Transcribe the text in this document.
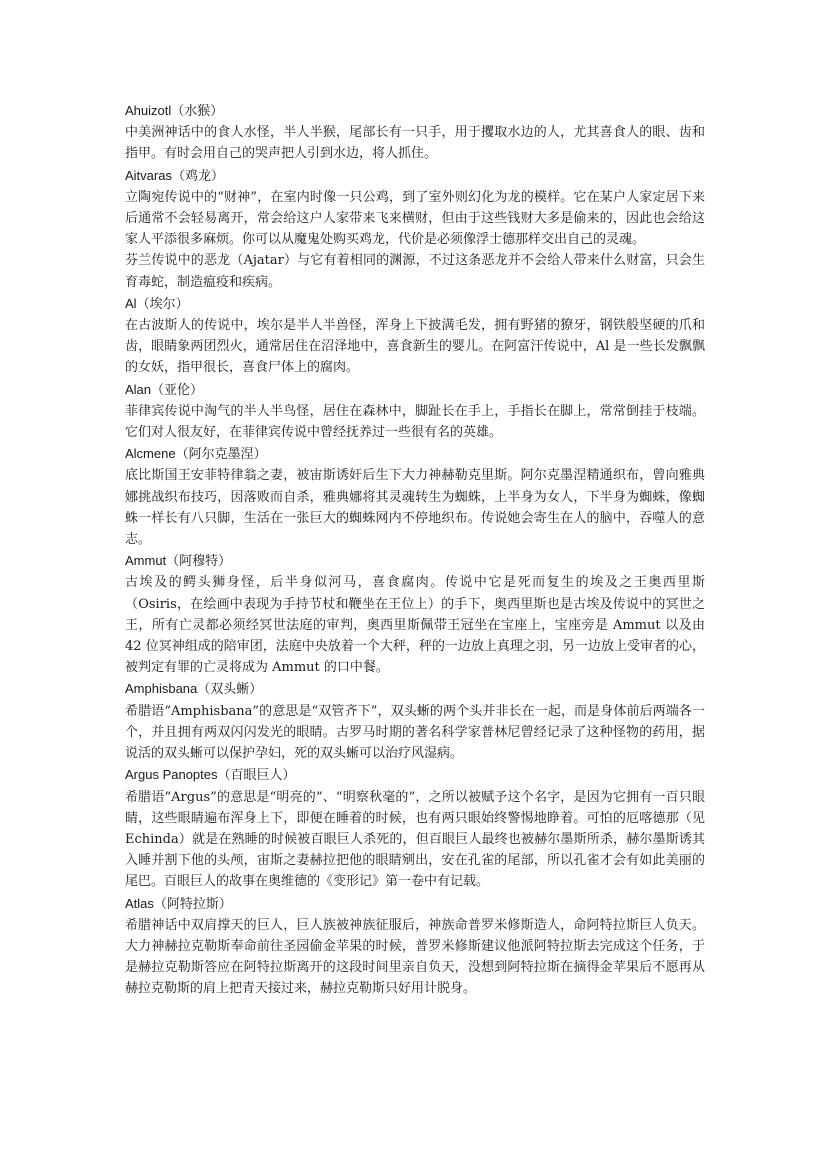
Ahuizotl（水猴）

中美洲神话中的食人水怪，半人半猴，尾部长有一只手，用于攫取水边的人，尤其喜食人的眼、齿和指甲。有时会用自己的哭声把人引到水边，将人抓住。

Aitvaras（鸡龙）

立陶宛传说中的“财神”，在室内时像一只公鸡，到了室外则幻化为龙的模样。它在某户人家定居下来后通常不会轻易离开，常会给这户人家带来飞来横财，但由于这些钱财大多是偷来的，因此也会给这家人平添很多麻烦。你可以从魔鬼处购买鸡龙，代价是必须像浮士德那样交出自己的灵魂。

芬兰传说中的恶龙（Ajatar）与它有着相同的渊源，不过这条恶龙并不会给人带来什么财富，只会生育毒蛇，制造瘟疫和疾病。

Al（埃尔）

在古波斯人的传说中，埃尔是半人半兽怪，浑身上下披满毛发，拥有野猪的獠牙，钢铁般坚硬的爪和齿，眼睛象两团烈火，通常居住在沼泽地中，喜食新生的婴儿。在阿富汗传说中，Al 是一些长发飘飘的女妖，指甲很长，喜食尸体上的腐肉。

Alan（亚伦）

菲律宾传说中淘气的半人半鸟怪，居住在森林中，脚趾长在手上，手指长在脚上，常常倒挂于枝端。它们对人很友好，在菲律宾传说中曾经抚养过一些很有名的英雄。

Alcmene（阿尔克墨涅）

底比斯国王安菲特律翁之妻，被宙斯诱奸后生下大力神赫勒克里斯。阿尔克墨涅精通织布，曾向雅典娜挑战织布技巧，因落败而自杀，雅典娜将其灵魂转生为蜘蛛，上半身为女人，下半身为蜘蛛，像蜘蛛一样长有八只脚，生活在一张巨大的蜘蛛网内不停地织布。传说她会寄生在人的脑中，吞噬人的意志。

Ammut（阿穆特）

古埃及的鳄头狮身怪，后半身似河马，喜食腐肉。传说中它是死而复生的埃及之王奥西里斯（Osiris，在绘画中表现为手持节杖和鞭坐在王位上）的手下，奥西里斯也是古埃及传说中的冥世之王，所有亡灵都必须经冥世法庭的审判，奥西里斯佩带王冠坐在宝座上，宝座旁是 Ammut 以及由 42 位冥神组成的陪审团，法庭中央放着一个大秤，秤的一边放上真理之羽，另一边放上受审者的心，被判定有罪的亡灵将成为 Ammut 的口中餐。

Amphisbana（双头蜥）

希腊语“Amphisbana”的意思是“双管齐下”，双头蜥的两个头并非长在一起，而是身体前后两端各一个，并且拥有两双闪闪发光的眼睛。古罗马时期的著名科学家普林尼曾经记录了这种怪物的药用，据说活的双头蜥可以保护孕妇，死的双头蜥可以治疗风湿病。

Argus Panoptes（百眼巨人）

希腊语“Argus”的意思是“明亮的”、“明察秋毫的”，之所以被赋予这个名字，是因为它拥有一百只眼睛，这些眼睛遍布浑身上下，即便在睡着的时候，也有两只眼始终警惕地睁着。可怕的厄喀德那（见 Echinda）就是在熟睡的时候被百眼巨人杀死的，但百眼巨人最终也被赫尔墨斯所杀，赫尔墨斯诱其入睡并割下他的头颅，宙斯之妻赫拉把他的眼睛剜出，安在孔雀的尾部，所以孔雀才会有如此美丽的尾巴。百眼巨人的故事在奥维德的《变形记》第一卷中有记载。

Atlas（阿特拉斯）

希腊神话中双肩撑天的巨人，巨人族被神族征服后，神族命普罗米修斯造人，命阿特拉斯巨人负天。大力神赫拉克勒斯奉命前往圣园偷金苹果的时候，普罗米修斯建议他派阿特拉斯去完成这个任务，于是赫拉克勒斯答应在阿特拉斯离开的这段时间里亲自负天，没想到阿特拉斯在摘得金苹果后不愿再从赫拉克勒斯的肩上把青天接过来，赫拉克勒斯只好用计脱身。
